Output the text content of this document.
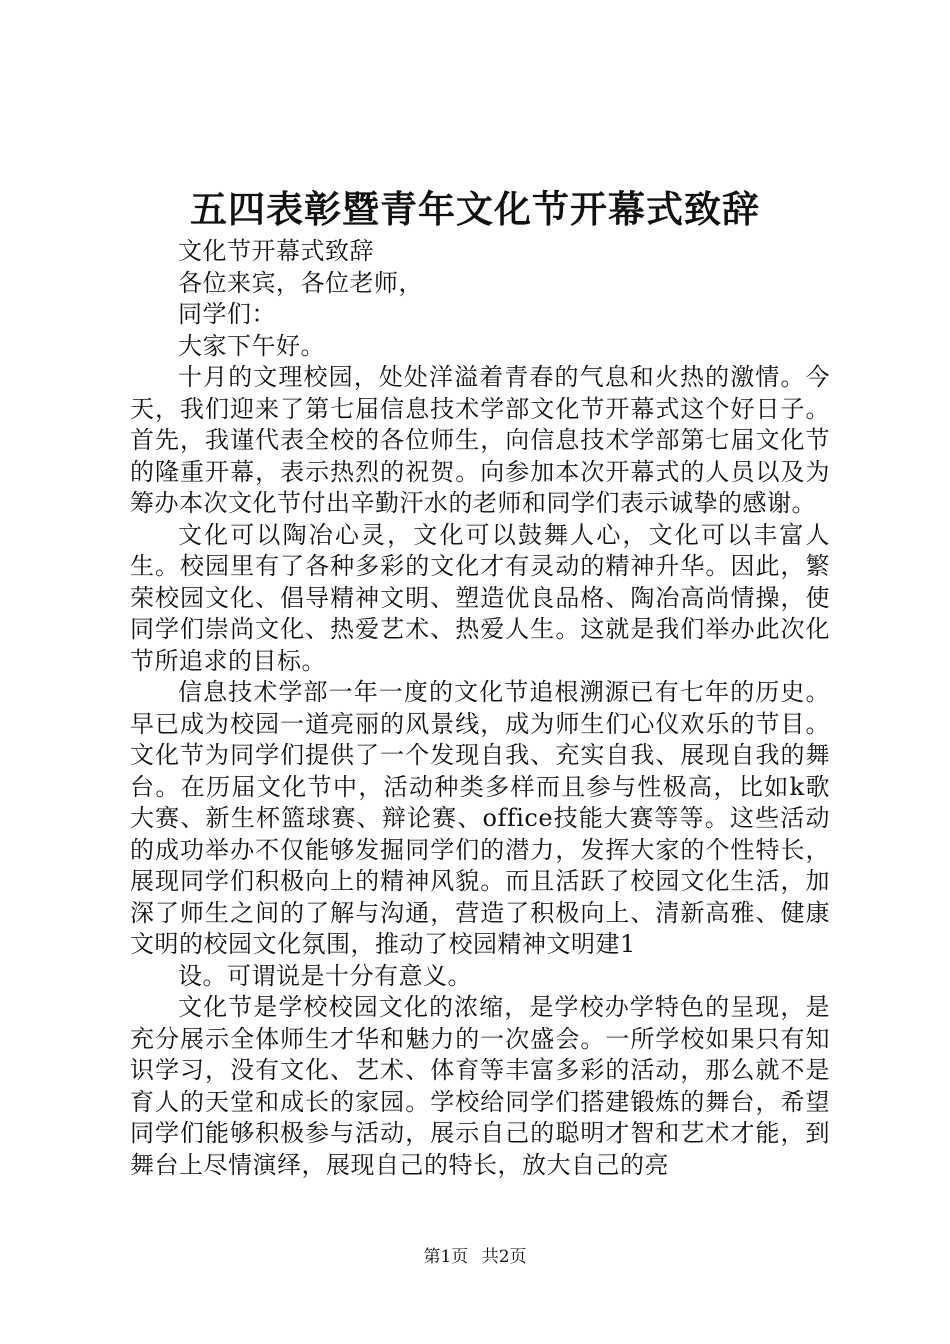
五四表彰暨青年文化节开幕式致辞

文化节开幕式致辞

各位来宾，各位老师，

同学们：

大家下午好。

十月的文理校园，处处洋溢着青春的气息和火热的激情。今天，我们迎来了第七届信息技术学部文化节开幕式这个好日子。首先，我谨代表全校的各位师生，向信息技术学部第七届文化节的隆重开幕，表示热烈的祝贺。向参加本次开幕式的人员以及为筹办本次文化节付出辛勤汗水的老师和同学们表示诚挚的感谢。

文化可以陶冶心灵，文化可以鼓舞人心，文化可以丰富人生。校园里有了各种多彩的文化才有灵动的精神升华。因此，繁荣校园文化、倡导精神文明、塑造优良品格、陶冶高尚情操，使同学们崇尚文化、热爱艺术、热爱人生。这就是我们举办此次化节所追求的目标。

信息技术学部一年一度的文化节追根溯源已有七年的历史。早已成为校园一道亮丽的风景线，成为师生们心仪欢乐的节目。文化节为同学们提供了一个发现自我、充实自我、展现自我的舞台。在历届文化节中，活动种类多样而且参与性极高，比如k歌大赛、新生杯篮球赛、辩论赛、office技能大赛等等。这些活动的成功举办不仅能够发掘同学们的潜力，发挥大家的个性特长，展现同学们积极向上的精神风貌。而且活跃了校园文化生活，加深了师生之间的了解与沟通，营造了积极向上、清新高雅、健康文明的校园文化氛围，推动了校园精神文明建1

设。可谓说是十分有意义。

文化节是学校校园文化的浓缩，是学校办学特色的呈现，是充分展示全体师生才华和魅力的一次盛会。一所学校如果只有知识学习，没有文化、艺术、体育等丰富多彩的活动，那么就不是育人的天堂和成长的家园。学校给同学们搭建锻炼的舞台，希望同学们能够积极参与活动，展示自己的聪明才智和艺术才能，到舞台上尽情演绎，展现自己的特长，放大自己的亮

第1页 共2页
